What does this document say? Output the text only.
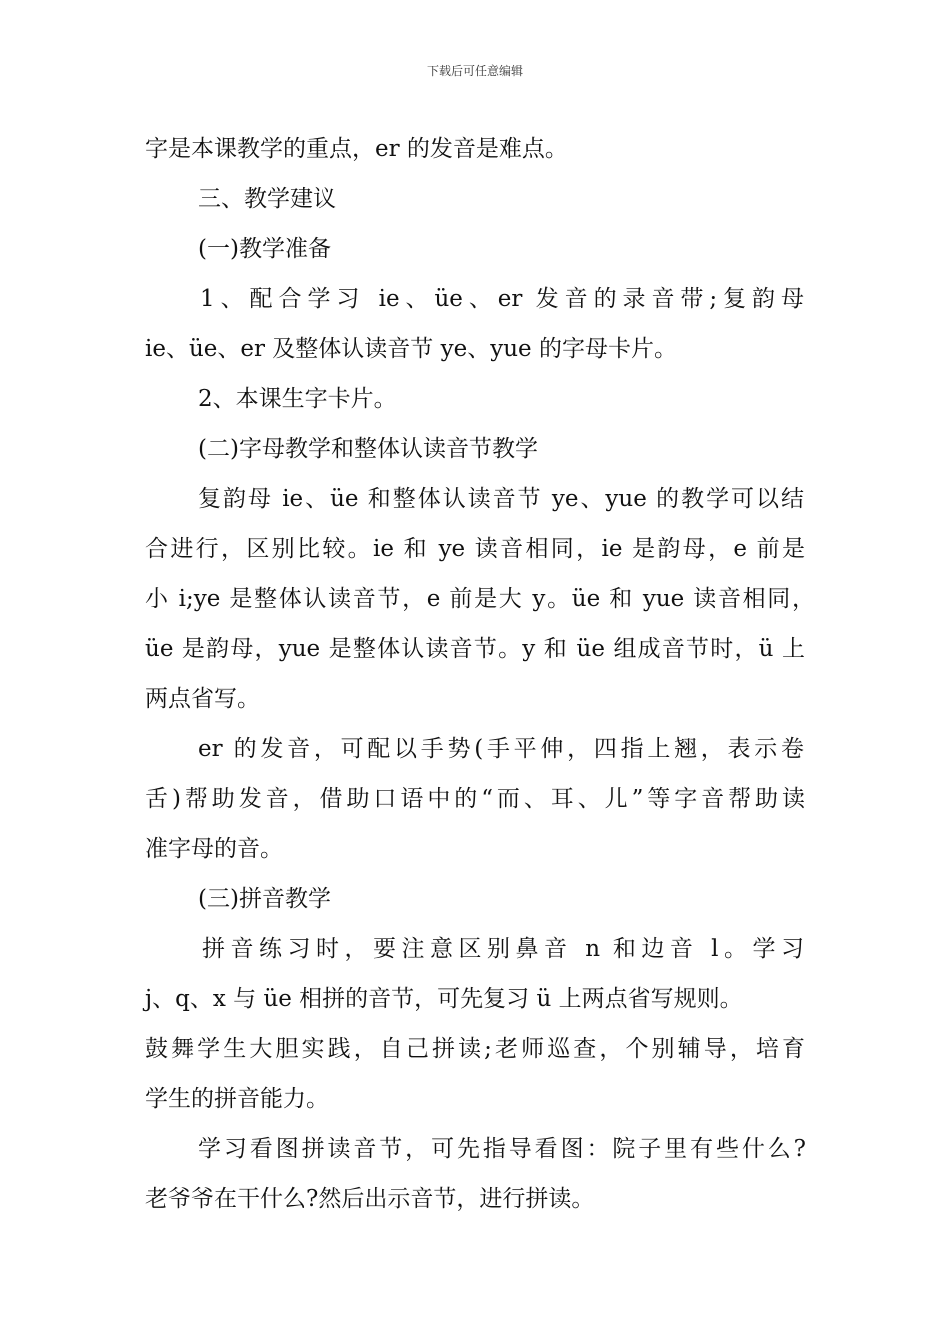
下载后可任意编辑
字是本课教学的重点，er 的发音是难点。
三、教学建议
(一)教学准备
1、配合学习 ie、üe、er 发音的录音带;复韵母
ie、üe、er 及整体认读音节 ye、yue 的字母卡片。
2、本课生字卡片。
(二)字母教学和整体认读音节教学
复韵母 ie、üe 和整体认读音节 ye、yue 的教学可以结
合进行，区别比较。ie 和 ye 读音相同，ie 是韵母，e 前是
小 i;ye 是整体认读音节，e 前是大 y。üe 和 yue 读音相同，
üe 是韵母，yue 是整体认读音节。y 和 üe 组成音节时，ü 上
两点省写。
er 的发音，可配以手势(手平伸，四指上翘，表示卷
舌)帮助发音，借助口语中的“而、耳、儿”等字音帮助读
准字母的音。
(三)拼音教学
拼音练习时，要注意区别鼻音 n 和边音 l。学习
j、q、x 与 üe 相拼的音节，可先复习 ü 上两点省写规则。
鼓舞学生大胆实践，自己拼读;老师巡查，个别辅导，培育
学生的拼音能力。
学习看图拼读音节，可先指导看图：院子里有些什么?
老爷爷在干什么?然后出示音节，进行拼读。
